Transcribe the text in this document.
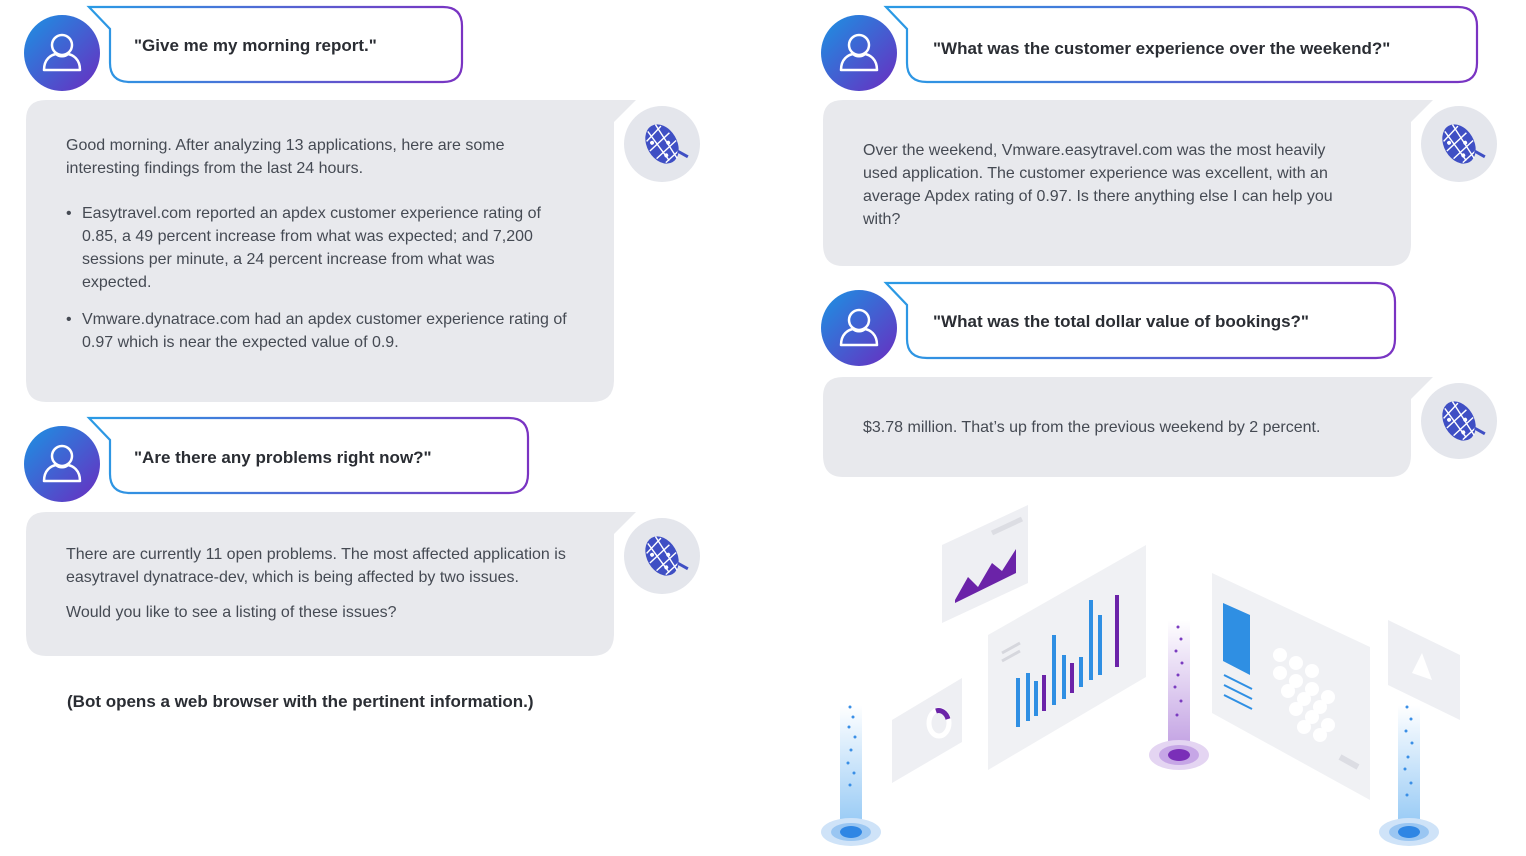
"Give me my morning report."

Good morning. After analyzing 13 applications, here are some interesting findings from the last 24 hours.

• Easytravel.com reported an apdex customer experience rating of 0.85, a 49 percent increase from what was expected; and 7,200 sessions per minute, a 24 percent increase from what was expected.
• Vmware.dynatrace.com had an apdex customer experience rating of 0.97 which is near the expected value of 0.9.
"Are there any problems right now?"

There are currently 11 open problems. The most affected application is easytravel dynatrace-dev, which is being affected by two issues.

Would you like to see a listing of these issues?

(Bot opens a web browser with the pertinent information.)
"What was the customer experience over the weekend?"
Over the weekend, Vmware.easytravel.com was the most heavily used application. The customer experience was excellent, with an average Apdex rating of 0.97. Is there anything else I can help you with?
"What was the total dollar value of bookings?"
$3.78 million. That’s up from the previous weekend by 2 percent.
